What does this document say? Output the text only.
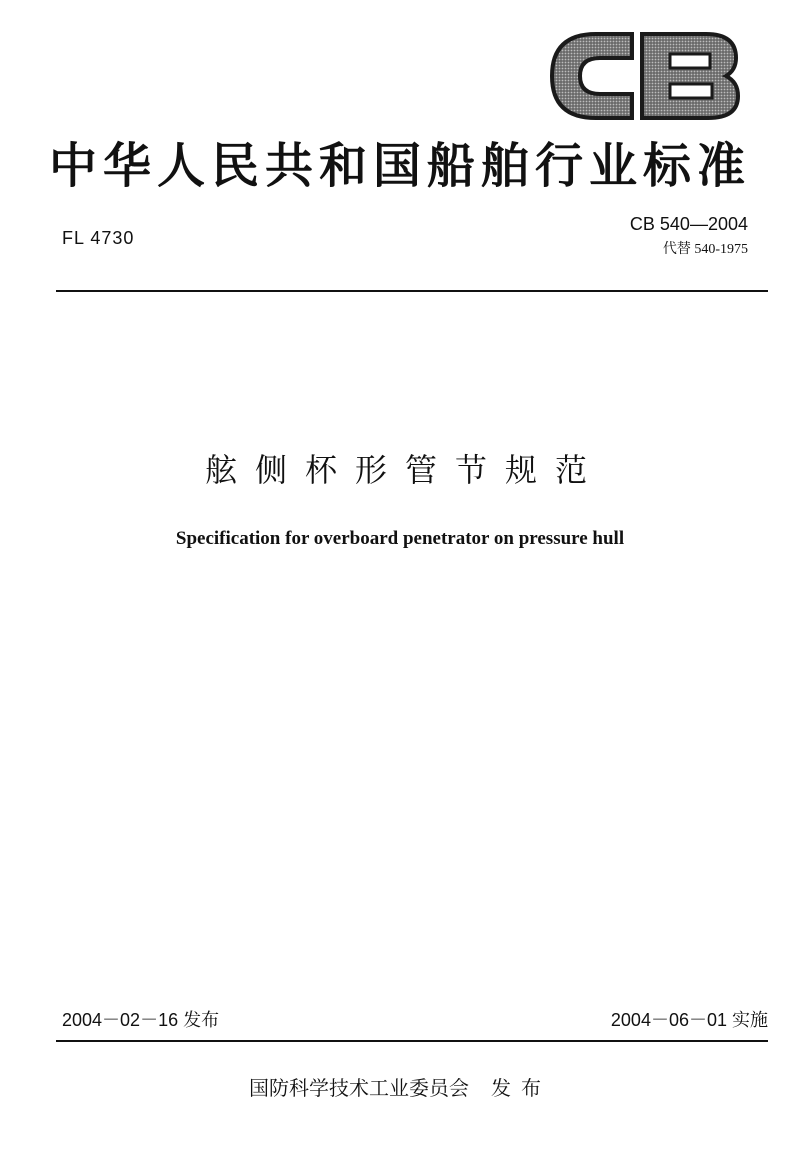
中华人民共和国船舶行业标准
FL 4730
CB 540—2004
代替 540-1975
舷侧杯形管节规范
Specification for overboard penetrator on pressure hull
2004－02－16 发布	2004－06－01 实施
国防科学技术工业委员会 发布
